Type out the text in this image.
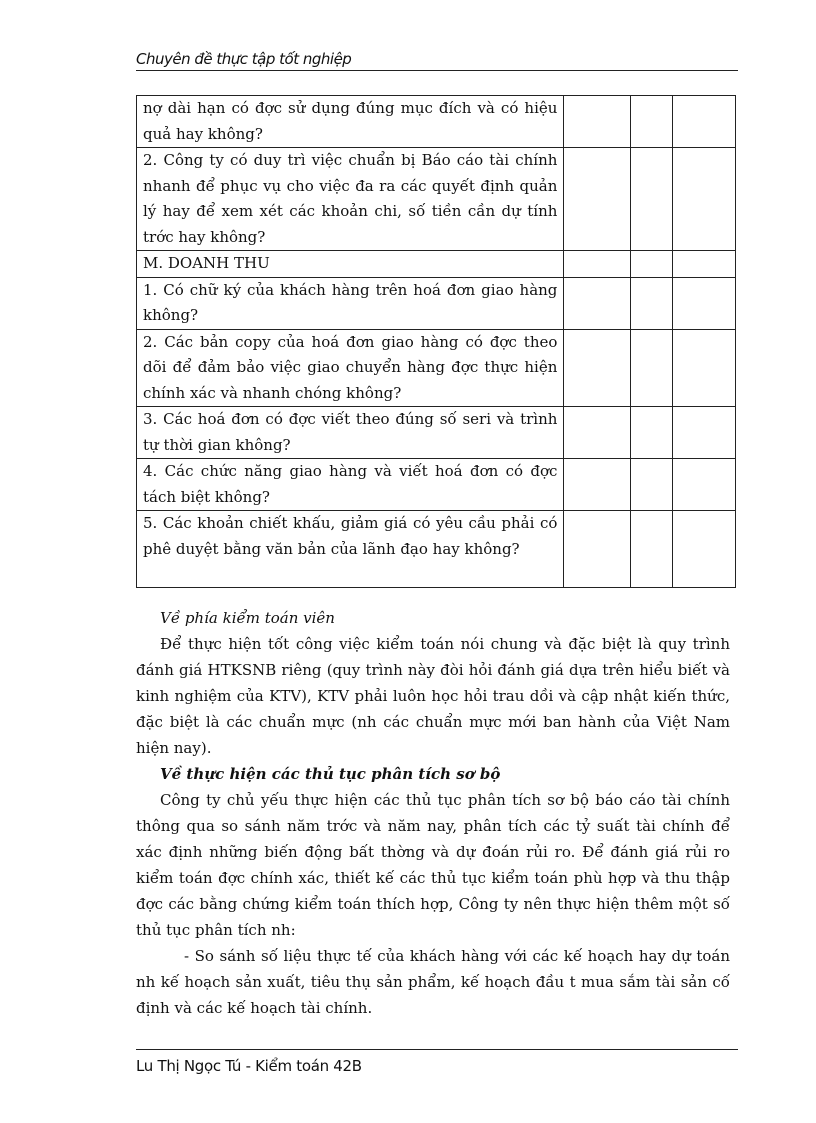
Chuyên đề thực tập tốt nghiệp
nợ dài hạn có đợc sử dụng đúng mục đích và có hiệu quả hay không?			
2. Công ty có duy trì việc chuẩn bị Báo cáo tài chính nhanh để phục vụ cho việc đa ra các quyết định quản lý hay để xem xét các khoản chi, số tiền cần dự tính trớc hay không?			
M. DOANH THU			
1. Có chữ ký của khách hàng trên hoá đơn giao hàng không?			
2. Các bản copy của hoá đơn giao hàng có đợc theo dõi để đảm bảo việc giao chuyển hàng đợc thực hiện chính xác và nhanh chóng không?			
3. Các hoá đơn có đợc viết theo đúng số seri và trình tự thời gian không?			
4. Các chức năng giao hàng và viết hoá đơn có đợc tách biệt không?			
5. Các khoản chiết khấu, giảm giá có yêu cầu phải có phê duyệt bằng văn bản của lãnh đạo hay không?			

Về phía kiểm toán viên

Để thực hiện tốt công việc kiểm toán nói chung và đặc biệt là quy trình đánh giá HTKSNB riêng (quy trình này đòi hỏi đánh giá dựa trên hiểu biết và kinh nghiệm của KTV), KTV phải luôn học hỏi trau dồi và cập nhật kiến thức, đặc biệt là các chuẩn mực (nh các chuẩn mực mới ban hành của Việt Nam hiện nay).

Về thực hiện các thủ tục phân tích sơ bộ

Công ty chủ yếu thực hiện các thủ tục phân tích sơ bộ báo cáo tài chính thông qua so sánh năm trớc và năm nay, phân tích các tỷ suất tài chính để xác định những biến động bất thờng và dự đoán rủi ro. Để đánh giá rủi ro kiểm toán đợc chính xác, thiết kế các thủ tục kiểm toán phù hợp và thu thập đợc các bằng chứng kiểm toán thích hợp, Công ty nên thực hiện thêm một số thủ tục phân tích nh:

- So sánh số liệu thực tế của khách hàng với các kế hoạch hay dự toán nh kế hoạch sản xuất, tiêu thụ sản phẩm, kế hoạch đầu t mua sắm tài sản cố định và các kế hoạch tài chính.

Lu Thị Ngọc Tú - Kiểm toán 42B
